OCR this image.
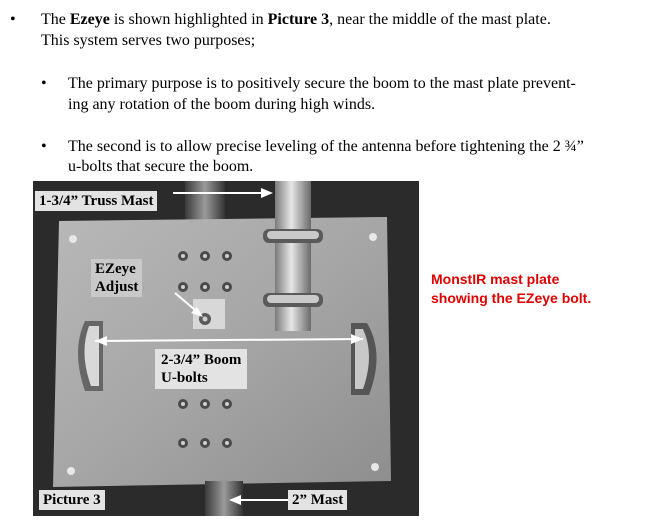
• The Ezeye is shown highlighted in Picture 3, near the middle of the mast plate.
This system serves two purposes;
• The primary purpose is to positively secure the boom to the mast plate prevent-
ing any rotation of the boom during high winds.
• The second is to allow precise leveling of the antenna before tightening the 2 ¾”
u-bolts that secure the boom.
1-3/4” Truss Mast
EZeye
Adjust
2-3/4” Boom
U-bolts
Picture 3	2” Mast
MonstIR mast plate
showing the EZeye bolt.
